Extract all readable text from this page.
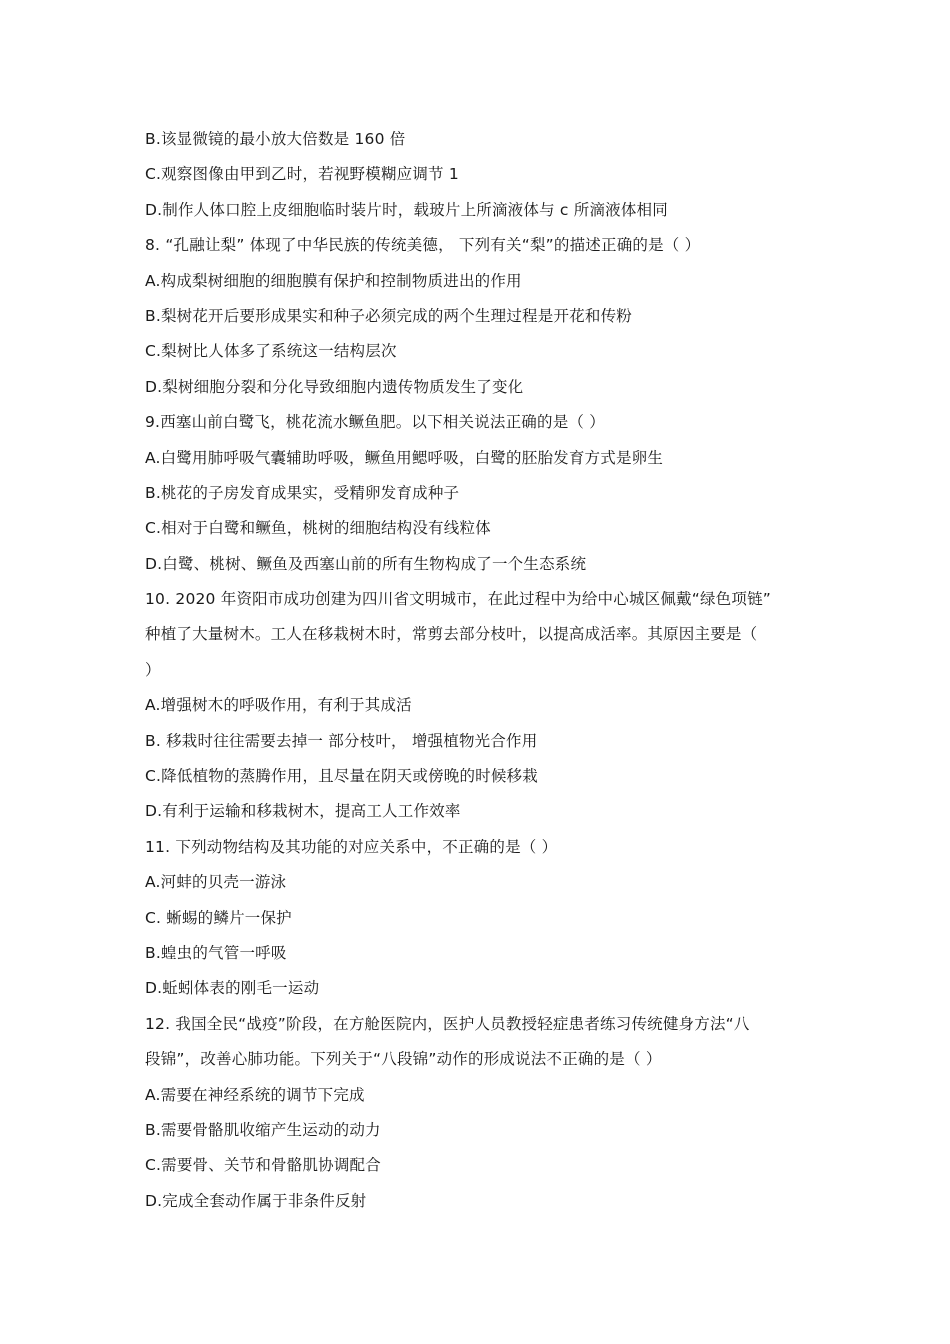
B.该显微镜的最小放大倍数是 160 倍
C.观察图像由甲到乙时，若视野模糊应调节 1
D.制作人体口腔上皮细胞临时装片时，载玻片上所滴液体与 c 所滴液体相同
8. “孔融让梨” 体现了中华民族的传统美德， 下列有关“梨”的描述正确的是（ ）
A.构成梨树细胞的细胞膜有保护和控制物质进出的作用
B.梨树花开后要形成果实和种子必须完成的两个生理过程是开花和传粉
C.梨树比人体多了系统这一结构层次
D.梨树细胞分裂和分化导致细胞内遗传物质发生了变化
9.西塞山前白鹭飞，桃花流水鳜鱼肥。以下相关说法正确的是（ ）
A.白鹭用肺呼吸气囊辅助呼吸，鳜鱼用鳃呼吸，白鹭的胚胎发育方式是卵生
B.桃花的子房发育成果实，受精卵发育成种子
C.相对于白鹭和鳜鱼，桃树的细胞结构没有线粒体
D.白鹭、桃树、鳜鱼及西塞山前的所有生物构成了一个生态系统
10. 2020 年资阳市成功创建为四川省文明城市，在此过程中为给中心城区佩戴“绿色项链”
种植了大量树木。工人在移栽树木时，常剪去部分枝叶，以提高成活率。其原因主要是（
）
A.增强树木的呼吸作用，有利于其成活
B. 移栽时往往需要去掉一 部分枝叶， 增强植物光合作用
C.降低植物的蒸腾作用，且尽量在阴天或傍晚的时候移栽
D.有利于运输和移栽树木，提高工人工作效率
11. 下列动物结构及其功能的对应关系中，不正确的是（ ）
A.河蚌的贝壳一游泳
C. 蜥蜴的鳞片一保护
B.蝗虫的气管一呼吸
D.蚯蚓体表的刚毛一运动
12. 我国全民“战疫”阶段，在方舱医院内，医护人员教授轻症患者练习传统健身方法“八
段锦”，改善心肺功能。下列关于“八段锦”动作的形成说法不正确的是（ ）
A.需要在神经系统的调节下完成
B.需要骨骼肌收缩产生运动的动力
C.需要骨、关节和骨骼肌协调配合
D.完成全套动作属于非条件反射
